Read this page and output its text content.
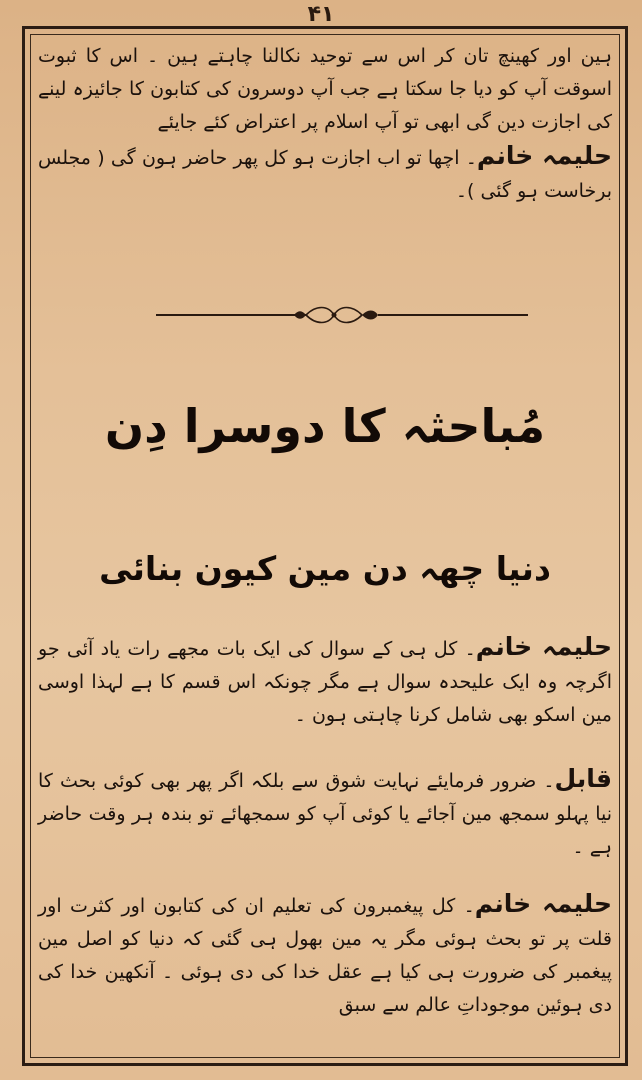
۴۱
ہین اور کھینچ تان کر اس سے توحید نکالنا چاہتے ہین ۔ اس کا ثبوت اسوقت آپ کو دیا جا سکتا ہے جب آپ دوسرون کی کتابون کا جائیزہ لینے کی اجازت دین گی ابھی تو آپ اسلام پر اعتراض کئے جایئے
حلیمہ خانم۔ اچھا تو اب اجازت ہو کل پھر حاضر ہون گی ( مجلس برخاست ہو گئی )۔
مُباحثہ کا دوسرا دِن
دنیا چھہ دن مین کیون بنائی
حلیمہ خانم۔ کل ہی کے سوال کی ایک بات مجھے رات یاد آئی جو اگرچہ وہ ایک علیحدہ سوال ہے مگر چونکہ اس قسم کا ہے لہذا اوسی مین اسکو بھی شامل کرنا چاہتی ہون ۔
قابل۔ ضرور فرمایئے نہایت شوق سے بلکہ اگر پھر بھی کوئی بحث کا نیا پہلو سمجھ مین آجائے یا کوئی آپ کو سمجھائے تو بندہ ہر وقت حاضر ہے ۔
حلیمہ خانم۔ کل پیغمبرون کی تعلیم ان کی کتابون اور کثرت اور قلت پر تو بحث ہوئی مگر یہ مین بھول ہی گئی کہ دنیا کو اصل مین پیغمبر کی ضرورت ہی کیا ہے عقل خدا کی دی ہوئی ۔ آنکھین خدا کی دی ہوئین موجوداتِ عالم سے سبق
